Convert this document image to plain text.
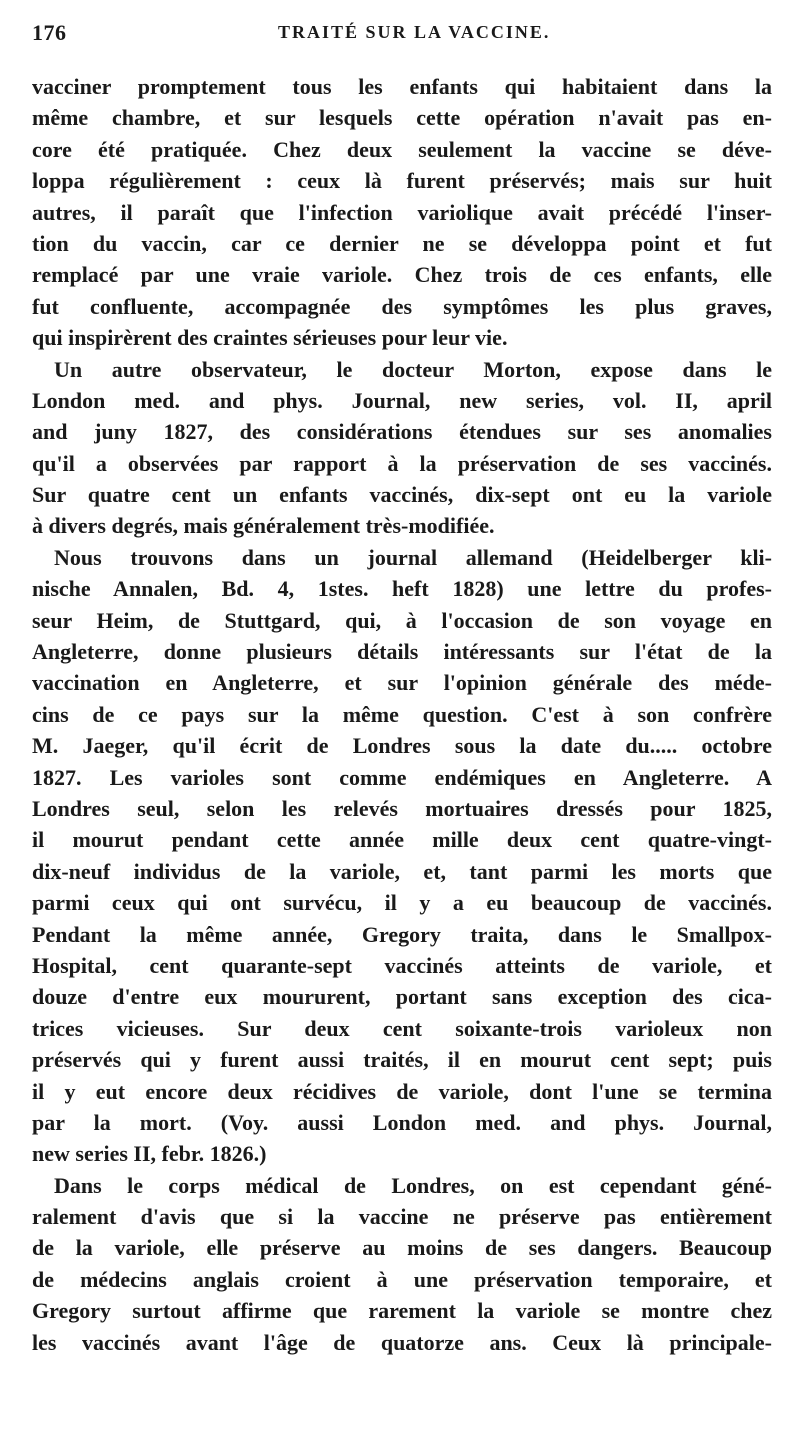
176	TRAITÉ SUR LA VACCINE.
vacciner promptement tous les enfants qui habitaient dans la
même chambre, et sur lesquels cette opération n'avait pas en-
core été pratiquée. Chez deux seulement la vaccine se déve-
loppa régulièrement : ceux là furent préservés; mais sur huit
autres, il paraît que l'infection variolique avait précédé l'inser-
tion du vaccin, car ce dernier ne se développa point et fut
remplacé par une vraie variole. Chez trois de ces enfants, elle
fut confluente, accompagnée des symptômes les plus graves,
qui inspirèrent des craintes sérieuses pour leur vie.
Un autre observateur, le docteur Morton, expose dans le
London med. and phys. Journal, new series, vol. II, april
and juny 1827, des considérations étendues sur ses anomalies
qu'il a observées par rapport à la préservation de ses vaccinés.
Sur quatre cent un enfants vaccinés, dix-sept ont eu la variole
à divers degrés, mais généralement très-modifiée.
Nous trouvons dans un journal allemand (Heidelberger kli-
nische Annalen, Bd. 4, 1stes. heft 1828) une lettre du profes-
seur Heim, de Stuttgard, qui, à l'occasion de son voyage en
Angleterre, donne plusieurs détails intéressants sur l'état de la
vaccination en Angleterre, et sur l'opinion générale des méde-
cins de ce pays sur la même question. C'est à son confrère
M. Jaeger, qu'il écrit de Londres sous la date du..... octobre
1827. Les varioles sont comme endémiques en Angleterre. A
Londres seul, selon les relevés mortuaires dressés pour 1825,
il mourut pendant cette année mille deux cent quatre-vingt-
dix-neuf individus de la variole, et, tant parmi les morts que
parmi ceux qui ont survécu, il y a eu beaucoup de vaccinés.
Pendant la même année, Gregory traita, dans le Smallpox-
Hospital, cent quarante-sept vaccinés atteints de variole, et
douze d'entre eux moururent, portant sans exception des cica-
trices vicieuses. Sur deux cent soixante-trois varioleux non
préservés qui y furent aussi traités, il en mourut cent sept; puis
il y eut encore deux récidives de variole, dont l'une se termina
par la mort. (Voy. aussi London med. and phys. Journal,
new series II, febr. 1826.)
Dans le corps médical de Londres, on est cependant géné-
ralement d'avis que si la vaccine ne préserve pas entièrement
de la variole, elle préserve au moins de ses dangers. Beaucoup
de médecins anglais croient à une préservation temporaire, et
Gregory surtout affirme que rarement la variole se montre chez
les vaccinés avant l'âge de quatorze ans. Ceux là principale-
